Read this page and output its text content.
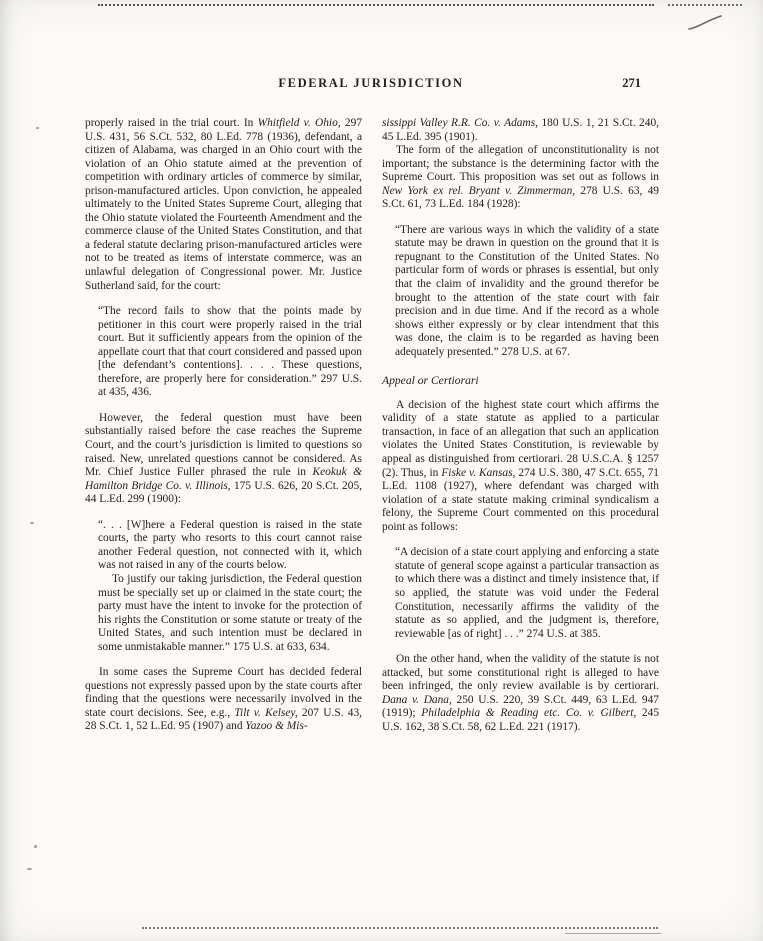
FEDERAL JURISDICTION	271

properly raised in the trial court. In Whitfield v. Ohio, 297 U.S. 431, 56 S.Ct. 532, 80 L.Ed. 778 (1936), defendant, a citizen of Alabama, was charged in an Ohio court with the violation of an Ohio statute aimed at the prevention of competition with ordinary articles of commerce by similar, prison-manufactured articles. Upon conviction, he appealed ultimately to the United States Supreme Court, alleging that the Ohio statute violated the Fourteenth Amendment and the commerce clause of the United States Constitution, and that a federal statute declaring prison-manufactured articles were not to be treated as items of interstate commerce, was an unlawful delegation of Congressional power. Mr. Justice Sutherland said, for the court:

“The record fails to show that the points made by petitioner in this court were properly raised in the trial court. But it sufficiently appears from the opinion of the appellate court that that court considered and passed upon [the defendant’s contentions]. . . . These questions, therefore, are properly here for consideration.” 297 U.S. at 435, 436.

However, the federal question must have been substantially raised before the case reaches the Supreme Court, and the court’s jurisdiction is limited to questions so raised. New, unrelated questions cannot be considered. As Mr. Chief Justice Fuller phrased the rule in Keokuk & Hamilton Bridge Co. v. Illinois, 175 U.S. 626, 20 S.Ct. 205, 44 L.Ed. 299 (1900):

“. . . [W]here a Federal question is raised in the state courts, the party who resorts to this court cannot raise another Federal question, not connected with it, which was not raised in any of the courts below.

To justify our taking jurisdiction, the Federal question must be specially set up or claimed in the state court; the party must have the intent to invoke for the protection of his rights the Constitution or some statute or treaty of the United States, and such intention must be declared in some unmistakable manner.” 175 U.S. at 633, 634.

In some cases the Supreme Court has decided federal questions not expressly passed upon by the state courts after finding that the questions were necessarily involved in the state court decisions. See, e.g., Tilt v. Kelsey, 207 U.S. 43, 28 S.Ct. 1, 52 L.Ed. 95 (1907) and Yazoo & Mis-

sissippi Valley R.R. Co. v. Adams, 180 U.S. 1, 21 S.Ct. 240, 45 L.Ed. 395 (1901).

The form of the allegation of unconstitutionality is not important; the substance is the determining factor with the Supreme Court. This proposition was set out as follows in New York ex rel. Bryant v. Zimmerman, 278 U.S. 63, 49 S.Ct. 61, 73 L.Ed. 184 (1928):

“There are various ways in which the validity of a state statute may be drawn in question on the ground that it is repugnant to the Constitution of the United States. No particular form of words or phrases is essential, but only that the claim of invalidity and the ground therefor be brought to the attention of the state court with fair precision and in due time. And if the record as a whole shows either expressly or by clear intendment that this was done, the claim is to be regarded as having been adequately presented.” 278 U.S. at 67.

Appeal or Certiorari

A decision of the highest state court which affirms the validity of a state statute as applied to a particular transaction, in face of an allegation that such an application violates the United States Constitution, is reviewable by appeal as distinguished from certiorari. 28 U.S.C.A. § 1257 (2). Thus, in Fiske v. Kansas, 274 U.S. 380, 47 S.Ct. 655, 71 L.Ed. 1108 (1927), where defendant was charged with violation of a state statute making criminal syndicalism a felony, the Supreme Court commented on this procedural point as follows:

“A decision of a state court applying and enforcing a state statute of general scope against a particular transaction as to which there was a distinct and timely insistence that, if so applied, the statute was void under the Federal Constitution, necessarily affirms the validity of the statute as so applied, and the judgment is, therefore, reviewable [as of right] . . .” 274 U.S. at 385.

On the other hand, when the validity of the statute is not attacked, but some constitutional right is alleged to have been infringed, the only review available is by certiorari. Dana v. Dana, 250 U.S. 220, 39 S.Ct. 449, 63 L.Ed. 947 (1919); Philadelphia & Reading etc. Co. v. Gilbert, 245 U.S. 162, 38 S.Ct. 58, 62 L.Ed. 221 (1917).
